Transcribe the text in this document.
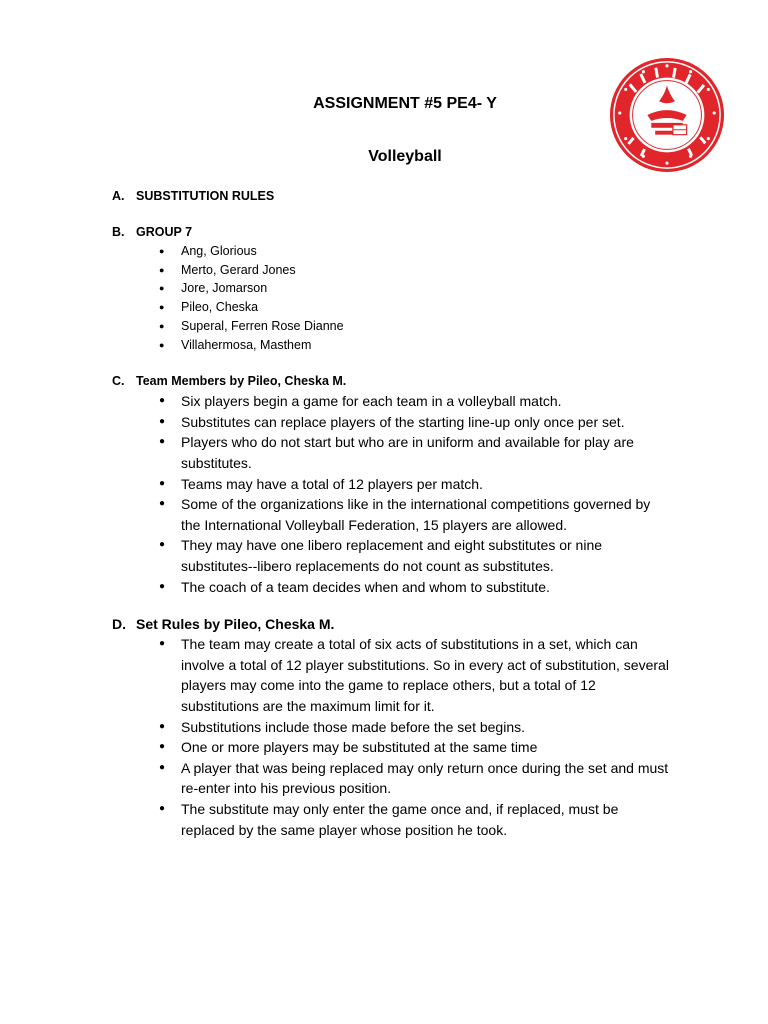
ASSIGNMENT #5 PE4- Y
Volleyball

A. SUBSTITUTION RULES

B. GROUP 7

● Ang, Glorious
● Merto, Gerard Jones
● Jore, Jomarson
● Pileo, Cheska
● Superal, Ferren Rose Dianne
● Villahermosa, Masthem

C. Team Members by Pileo, Cheska M.

● Six players begin a game for each team in a volleyball match.
● Substitutes can replace players of the starting line-up only once per set.
● Players who do not start but who are in uniform and available for play are substitutes.
● Teams may have a total of 12 players per match.
● Some of the organizations like in the international competitions governed by the International Volleyball Federation, 15 players are allowed.
● They may have one libero replacement and eight substitutes or nine substitutes--libero replacements do not count as substitutes.
● The coach of a team decides when and whom to substitute.

D. Set Rules by Pileo, Cheska M.

● The team may create a total of six acts of substitutions in a set, which can involve a total of 12 player substitutions. So in every act of substitution, several players may come into the game to replace others, but a total of 12 substitutions are the maximum limit for it.
● Substitutions include those made before the set begins.
● One or more players may be substituted at the same time
● A player that was being replaced may only return once during the set and must re-enter into his previous position.
● The substitute may only enter the game once and, if replaced, must be replaced by the same player whose position he took.
